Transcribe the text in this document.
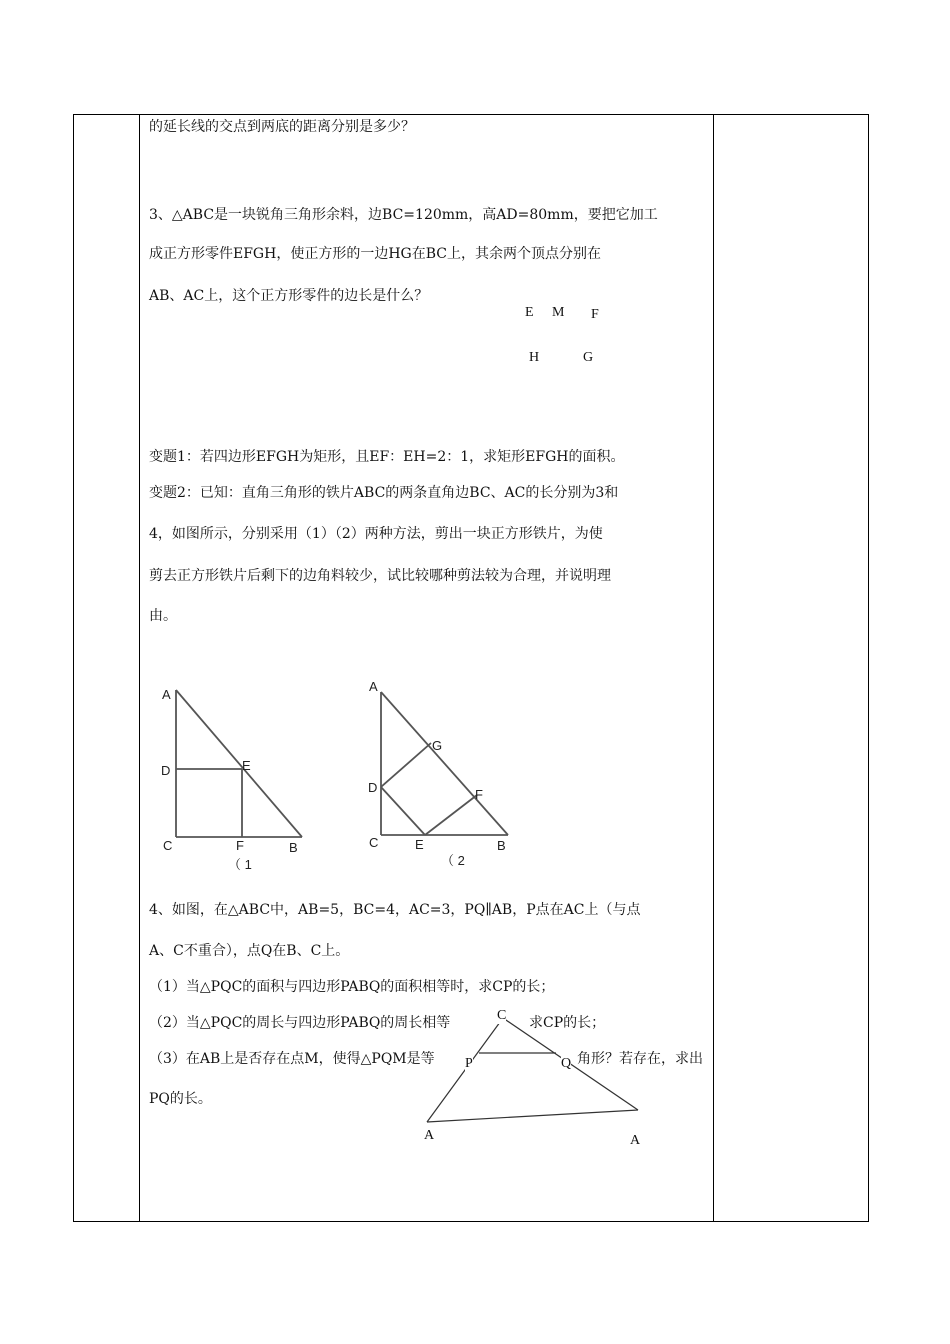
的延长线的交点到两底的距离分别是多少？
3、△ABC是一块锐角三角形余料，边BC=120mm，高AD=80mm，要把它加工
成正方形零件EFGH，使正方形的一边HG在BC上，其余两个顶点分别在
AB、AC上，这个正方形零件的边长是什么？
E M F
H	G
变题1：若四边形EFGH为矩形，且EF：EH=2：1，求矩形EFGH的面积。
变题2：已知：直角三角形的铁片ABC的两条直角边BC、AC的长分别为3和
4，如图所示，分别采用（1）（2）两种方法，剪出一块正方形铁片，为使
剪去正方形铁片后剩下的边角料较少，试比较哪种剪法较为合理，并说明理
由。
A
D	E
C	F	B
（ 1
A
G
D	F
C	E	B
（ 2
4、如图，在△ABC中，AB=5，BC=4，AC=3，PQ∥AB，P点在AC上（与点
A、C不重合），点Q在B、C上。
（1）当△PQC的面积与四边形PABQ的面积相等时，求CP的长；
（2）当△PQC的周长与四边形PABQ的周长相等	求CP的长；
（3）在AB上是否存在点M，使得△PQM是等	角形？若存在，求出
PQ的长。
C
P	Q
A	A
